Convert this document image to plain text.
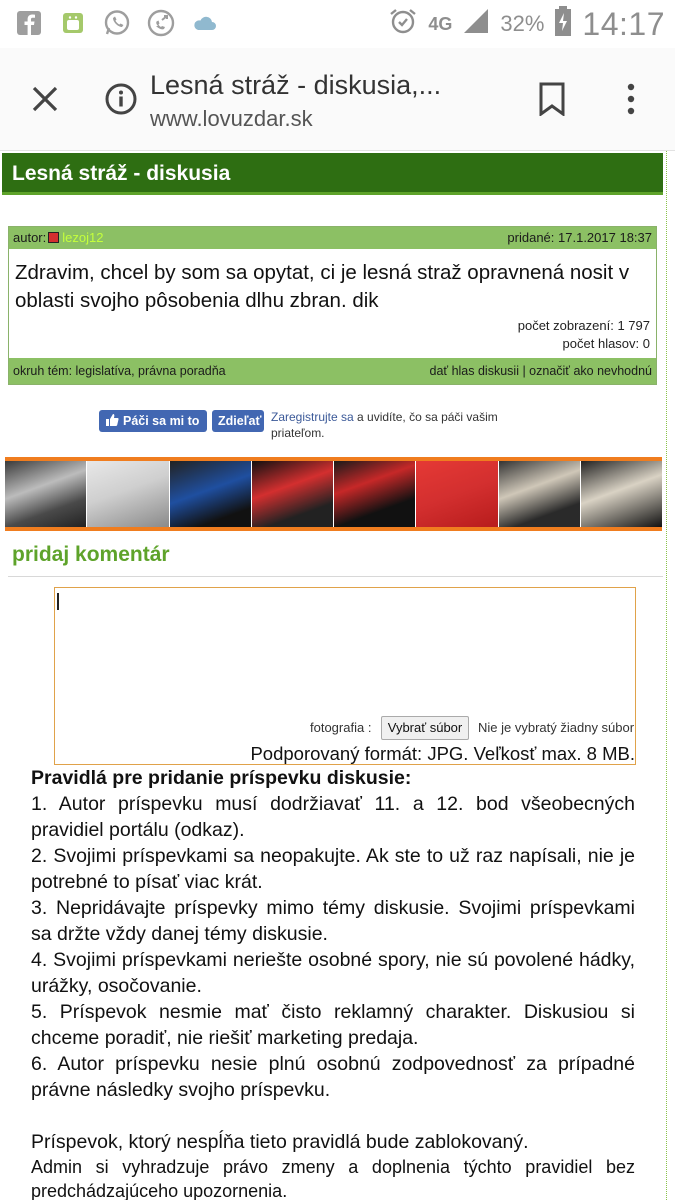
4G 32% 14:17
Lesná stráž - diskusia,...
www.lovuzdar.sk
Lesná stráž - diskusia
autor: lezoj12	pridané: 17.1.2017 18:37
Zdravim, chcel by som sa opytat, ci je lesná straž opravnená nosit v oblasti svojho pôsobenia dlhu zbran. dik
počet zobrazení: 1 797
počet hlasov: 0
okruh tém: legislatíva, právna poradňa	dať hlas diskusii | označiť ako nevhodnú
Páči sa mi to	Zdieľať Zaregistrujte sa a uvidíte, čo sa páči vašim priateľom.
pridaj komentár
fotografia :	Vybrať súbor	Nie je vybratý žiadny súbor
Podporovaný formát: JPG. Veľkosť max. 8 MB.

Pravidlá pre pridanie príspevku diskusie:

1. Autor príspevku musí dodržiavať 11. a 12. bod všeobecných pravidiel portálu (odkaz).

2. Svojimi príspevkami sa neopakujte. Ak ste to už raz napísali, nie je potrebné to písať viac krát.

3. Nepridávajte príspevky mimo témy diskusie. Svojimi príspevkami sa držte vždy danej témy diskusie.

4. Svojimi príspevkami neriešte osobné spory, nie sú povolené hádky, urážky, osočovanie.

5. Príspevok nesmie mať čisto reklamný charakter. Diskusiou si chceme poradiť, nie riešiť marketing predaja.

6. Autor príspevku nesie plnú osobnú zodpovednosť za prípadné právne následky svojho príspevku.

Príspevok, ktorý nespĺňa tieto pravidlá bude zablokovaný.

Admin si vyhradzuje právo zmeny a doplnenia týchto pravidiel bez predchádzajúceho upozornenia.
